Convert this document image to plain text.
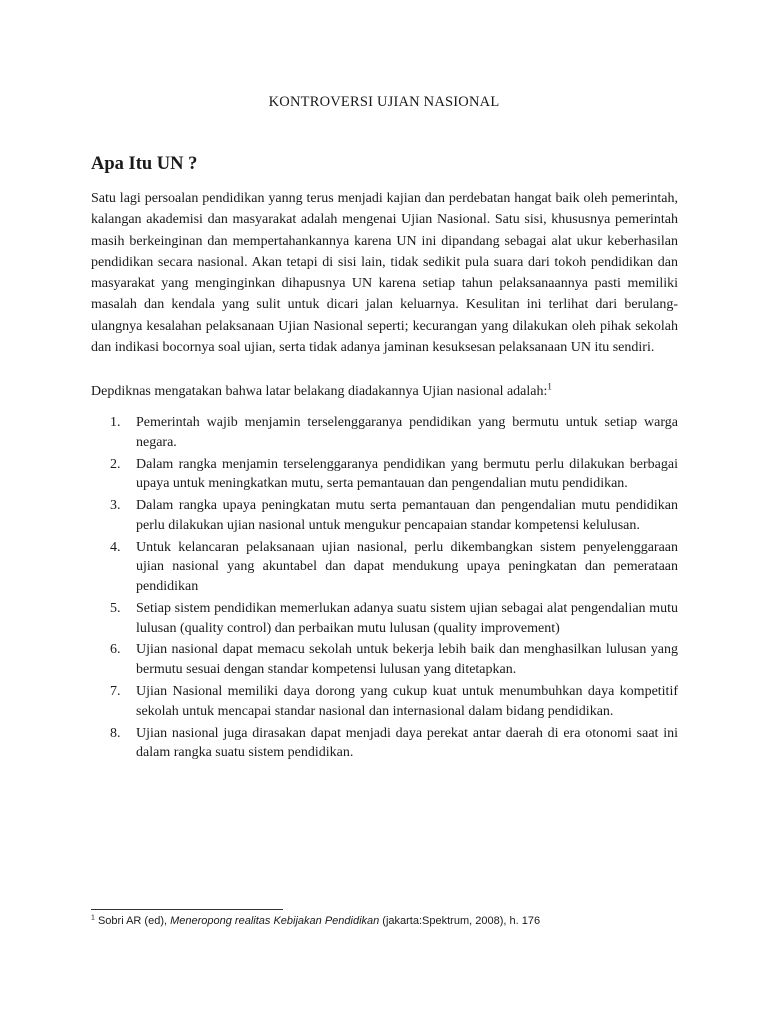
KONTROVERSI UJIAN NASIONAL
Apa Itu UN ?

Satu lagi persoalan pendidikan yanng terus menjadi kajian dan perdebatan hangat baik oleh pemerintah, kalangan akademisi dan masyarakat adalah mengenai Ujian Nasional. Satu sisi, khususnya pemerintah masih berkeinginan dan mempertahankannya karena UN ini dipandang sebagai alat ukur keberhasilan pendidikan secara nasional. Akan tetapi di sisi lain, tidak sedikit pula suara dari tokoh pendidikan dan masyarakat yang menginginkan dihapusnya UN karena setiap tahun pelaksanaannya pasti memiliki masalah dan kendala yang sulit untuk dicari jalan keluarnya. Kesulitan ini terlihat dari berulang-ulangnya kesalahan pelaksanaan Ujian Nasional seperti; kecurangan yang dilakukan oleh pihak sekolah dan indikasi bocornya soal ujian, serta tidak adanya jaminan kesuksesan pelaksanaan UN itu sendiri.

Depdiknas mengatakan bahwa latar belakang diadakannya Ujian nasional adalah:$^1$

1. Pemerintah wajib menjamin terselenggaranya pendidikan yang bermutu untuk setiap warga negara.
2. Dalam rangka menjamin terselenggaranya pendidikan yang bermutu perlu dilakukan berbagai upaya untuk meningkatkan mutu, serta pemantauan dan pengendalian mutu pendidikan.
3. Dalam rangka upaya peningkatan mutu serta pemantauan dan pengendalian mutu pendidikan perlu dilakukan ujian nasional untuk mengukur pencapaian standar kompetensi kelulusan.
4. Untuk kelancaran pelaksanaan ujian nasional, perlu dikembangkan sistem penyelenggaraan ujian nasional yang akuntabel dan dapat mendukung upaya peningkatan dan pemerataan pendidikan
5. Setiap sistem pendidikan memerlukan adanya suatu sistem ujian sebagai alat pengendalian mutu lulusan (quality control) dan perbaikan mutu lulusan (quality improvement)
6. Ujian nasional dapat memacu sekolah untuk bekerja lebih baik dan menghasilkan lulusan yang bermutu sesuai dengan standar kompetensi lulusan yang ditetapkan.
7. Ujian Nasional memiliki daya dorong yang cukup kuat untuk menumbuhkan daya kompetitif sekolah untuk mencapai standar nasional dan internasional dalam bidang pendidikan.
8. Ujian nasional juga dirasakan dapat menjadi daya perekat antar daerah di era otonomi saat ini dalam rangka suatu sistem pendidikan.
$^1$ Sobri AR (ed), Meneropong realitas Kebijakan Pendidikan (jakarta:Spektrum, 2008), h. 176
